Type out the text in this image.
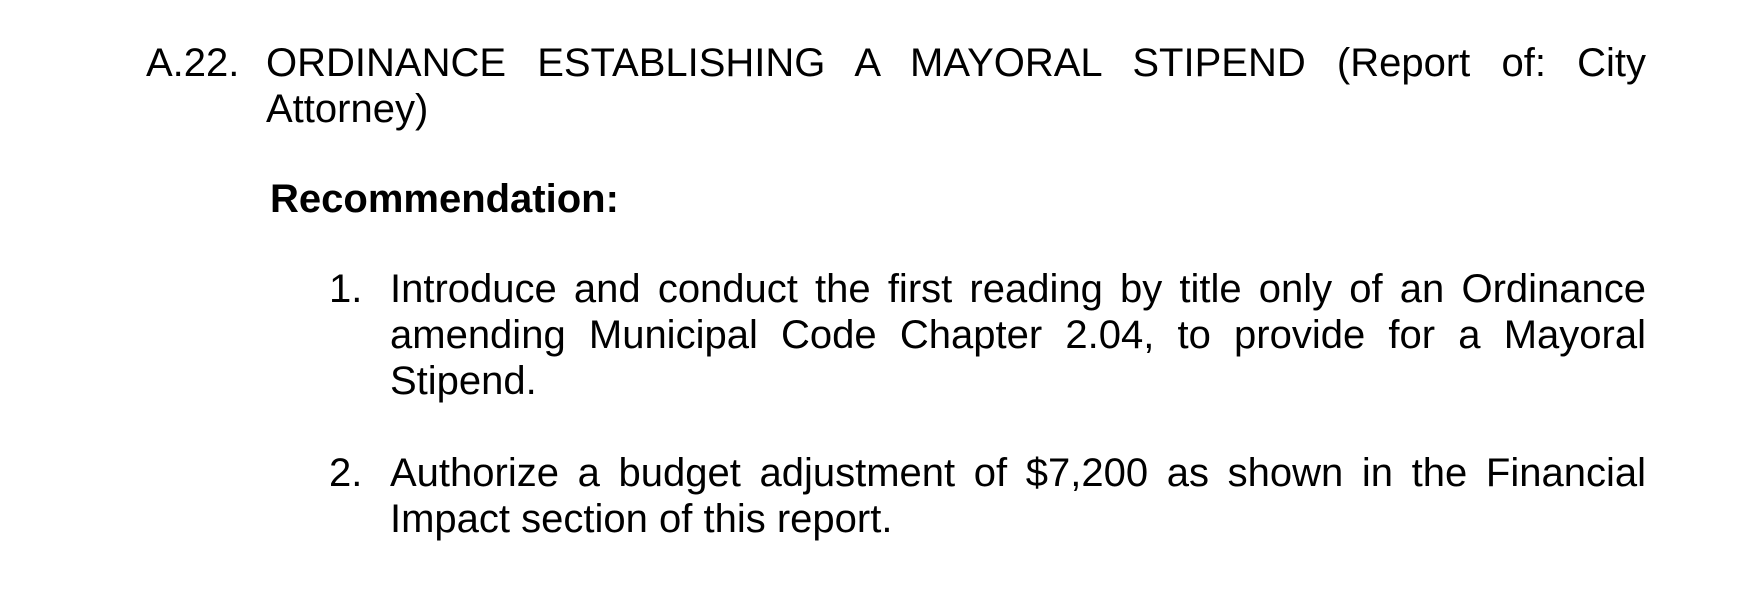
A.22. ORDINANCE ESTABLISHING A MAYORAL STIPEND (Report of: City Attorney)
Recommendation:
1. Introduce and conduct the first reading by title only of an Ordinance amending Municipal Code Chapter 2.04, to provide for a Mayoral Stipend.
2. Authorize a budget adjustment of $7,200 as shown in the Financial Impact section of this report.
